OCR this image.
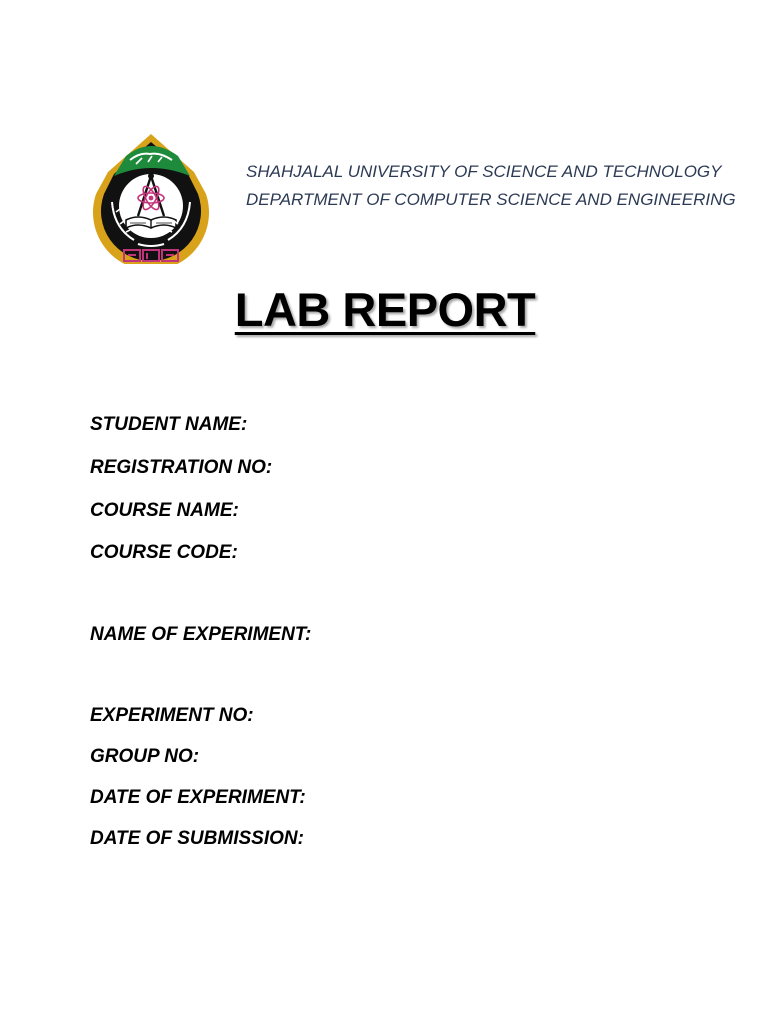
SHAHJALAL UNIVERSITY OF SCIENCE AND TECHNOLOGY
DEPARTMENT OF COMPUTER SCIENCE AND ENGINEERING
LAB REPORT
STUDENT NAME:
REGISTRATION NO:
COURSE NAME:
COURSE CODE:
NAME OF EXPERIMENT:
EXPERIMENT NO:
GROUP NO:
DATE OF EXPERIMENT:
DATE OF SUBMISSION:
